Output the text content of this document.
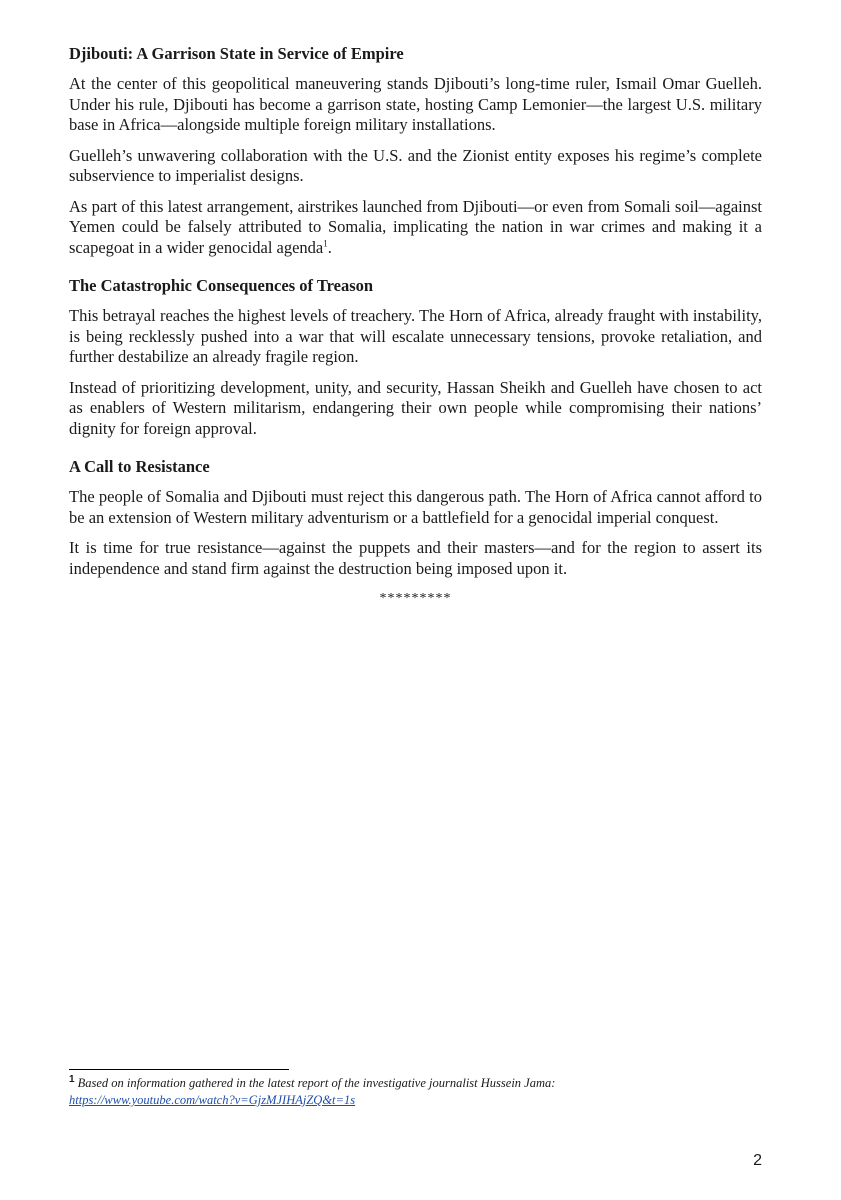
Djibouti: A Garrison State in Service of Empire

At the center of this geopolitical maneuvering stands Djibouti’s long-time ruler, Ismail Omar Guelleh. Under his rule, Djibouti has become a garrison state, hosting Camp Lemonier—the largest U.S. military base in Africa—alongside multiple foreign military installations.

Guelleh’s unwavering collaboration with the U.S. and the Zionist entity exposes his regime’s complete subservience to imperialist designs.

As part of this latest arrangement, airstrikes launched from Djibouti—or even from Somali soil—against Yemen could be falsely attributed to Somalia, implicating the nation in war crimes and making it a scapegoat in a wider genocidal agenda$^1$.

The Catastrophic Consequences of Treason

This betrayal reaches the highest levels of treachery. The Horn of Africa, already fraught with instability, is being recklessly pushed into a war that will escalate unnecessary tensions, provoke retaliation, and further destabilize an already fragile region.

Instead of prioritizing development, unity, and security, Hassan Sheikh and Guelleh have chosen to act as enablers of Western militarism, endangering their own people while compromising their nations’ dignity for foreign approval.

A Call to Resistance

The people of Somalia and Djibouti must reject this dangerous path. The Horn of Africa cannot afford to be an extension of Western military adventurism or a battlefield for a genocidal imperial conquest.

It is time for true resistance—against the puppets and their masters—and for the region to assert its independence and stand firm against the destruction being imposed upon it.

*********
$^1$ Based on information gathered in the latest report of the investigative journalist Hussein Jama:
https://www.youtube.com/watch?v=GjzMJIHAjZQ&t=1s
2
